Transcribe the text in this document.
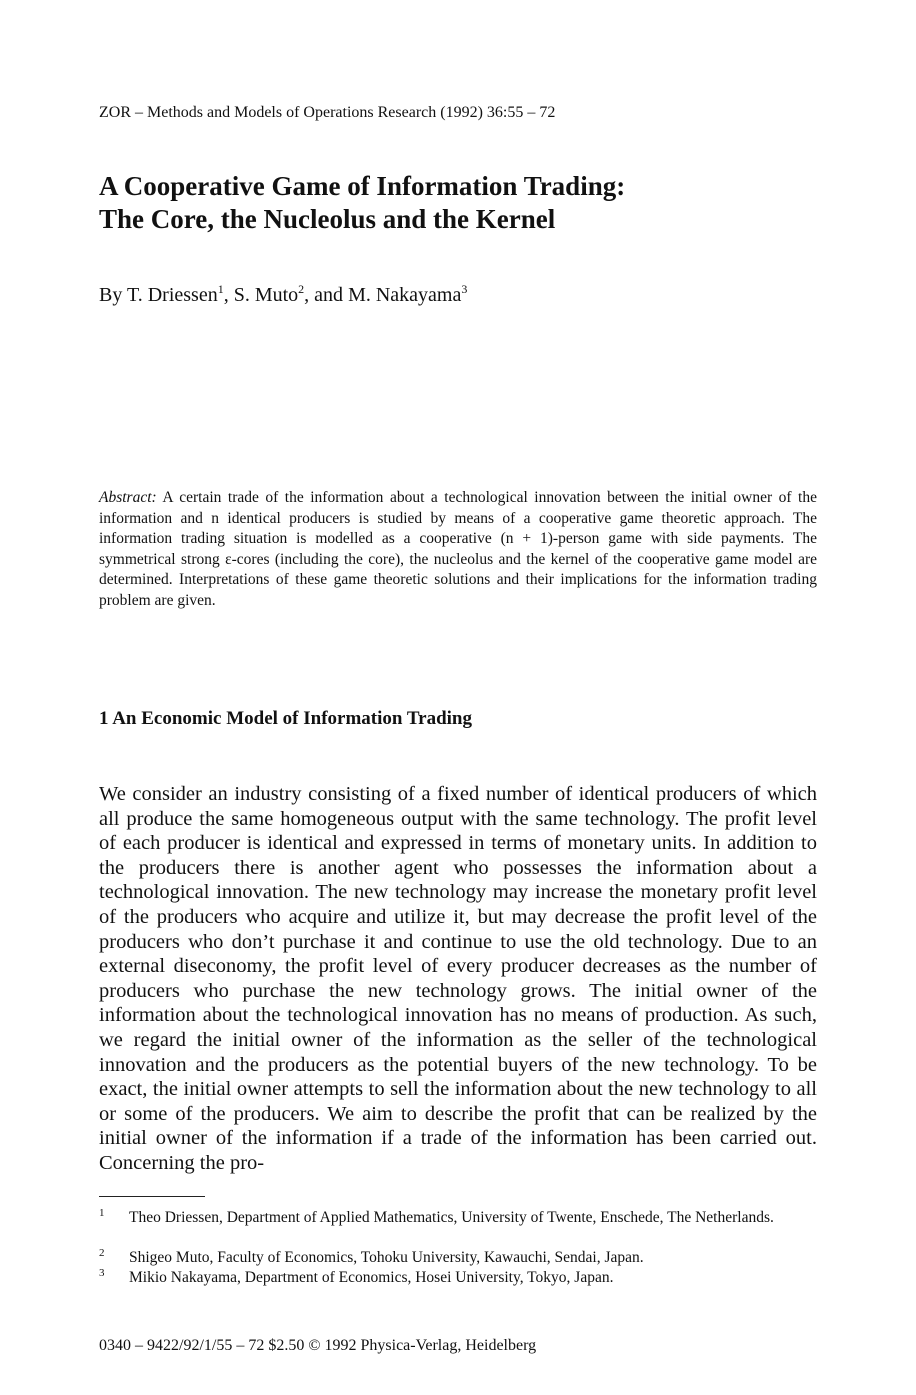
ZOR – Methods and Models of Operations Research (1992) 36:55 – 72
A Cooperative Game of Information Trading:
The Core, the Nucleolus and the Kernel
By T. Driessen$^1$, S. Muto$^2$, and M. Nakayama$^3$

Abstract: A certain trade of the information about a technological innovation between the initial owner of the information and n identical producers is studied by means of a cooperative game theoretic approach. The information trading situation is modelled as a cooperative (n + 1)-person game with side payments. The symmetrical strong ε-cores (including the core), the nucleolus and the kernel of the cooperative game model are determined. Interpretations of these game theoretic solutions and their implications for the information trading problem are given.

1 An Economic Model of Information Trading

We consider an industry consisting of a fixed number of identical producers of which all produce the same homogeneous output with the same technology. The profit level of each producer is identical and expressed in terms of monetary units. In addition to the producers there is another agent who possesses the information about a technological innovation. The new technology may increase the monetary profit level of the producers who acquire and utilize it, but may decrease the profit level of the producers who don’t purchase it and continue to use the old technology. Due to an external diseconomy, the profit level of every producer decreases as the number of producers who purchase the new technology grows. The initial owner of the information about the technological innovation has no means of production. As such, we regard the initial owner of the information as the seller of the technological innovation and the producers as the potential buyers of the new technology. To be exact, the initial owner attempts to sell the information about the new technology to all or some of the producers. We aim to describe the profit that can be realized by the initial owner of the information if a trade of the information has been carried out. Concerning the pro-

1	Theo Driessen, Department of Applied Mathematics, University of Twente, Enschede, The Netherlands.
2	Shigeo Muto, Faculty of Economics, Tohoku University, Kawauchi, Sendai, Japan.
3	Mikio Nakayama, Department of Economics, Hosei University, Tokyo, Japan.
0340 – 9422/92/1/55 – 72 $2.50 © 1992 Physica-Verlag, Heidelberg
